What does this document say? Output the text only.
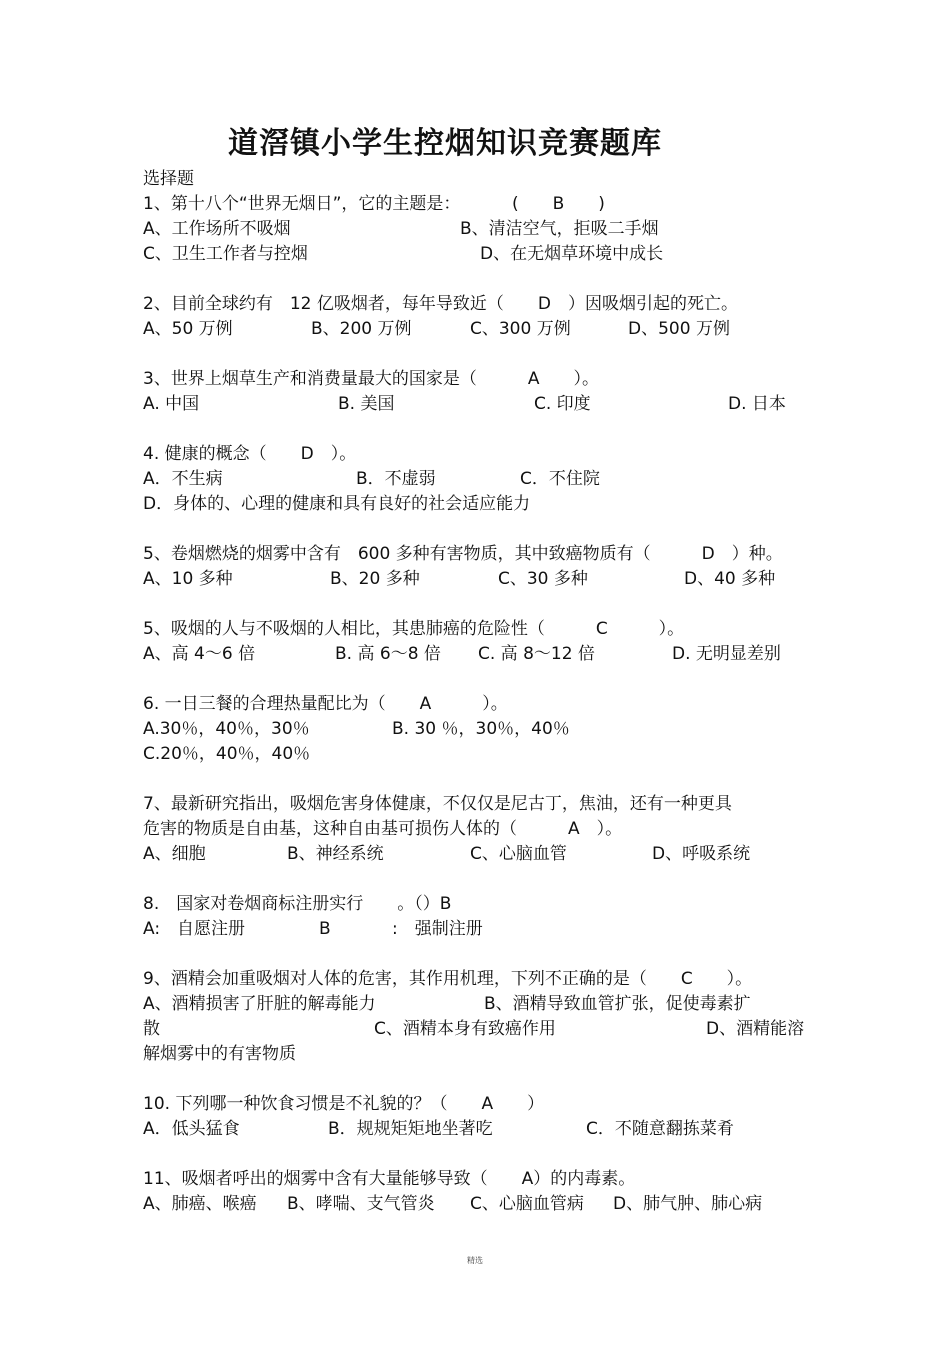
道滘镇小学生控烟知识竞赛题库
选择题
1、第十八个“世界无烟日”，它的主题是：	(　　B　　)
A、工作场所不吸烟	B、清洁空气，拒吸二手烟
C、卫生工作者与控烟	D、在无烟草环境中成长
2、目前全球约有　12 亿吸烟者，每年导致近（　　D　）因吸烟引起的死亡。
A、50 万例	B、200 万例	C、300 万例	D、500 万例
3、世界上烟草生产和消费量最大的国家是（　　　A　　）。
A. 中国	B. 美国	C. 印度	D. 日本
4. 健康的概念（　　D　）。
A．不生病	B．不虚弱	C．不住院
D．身体的、心理的健康和具有良好的社会适应能力
5、卷烟燃烧的烟雾中含有　600 多种有害物质，其中致癌物质有（　　　D　）种。
A、10 多种	B、20 多种	C、30 多种	D、40 多种
5、吸烟的人与不吸烟的人相比，其患肺癌的危险性（　　　C　　　）。
A、高 4～6 倍	B. 高 6～8 倍 C. 高 8～12 倍	D. 无明显差别
6. 一日三餐的合理热量配比为（　　A　　　）。
A.30％，40％，30％	B. 30 ％，30％，40％
C.20％，40％，40％
7、最新研究指出，吸烟危害身体健康，不仅仅是尼古丁，焦油，还有一种更具
危害的物质是自由基，这种自由基可损伤人体的（　　　A　）。
A、细胞	B、神经系统	C、心脑血管	D、呼吸系统
8.　国家对卷烟商标注册实行　　。（）B
A:　自愿注册	B	:　强制注册
9、酒精会加重吸烟对人体的危害，其作用机理，下列不正确的是（　　C　　）。
A、酒精损害了肝脏的解毒能力	B、酒精导致血管扩张，促使毒素扩
散	C、酒精本身有致癌作用	D、酒精能溶
解烟雾中的有害物质
10. 下列哪一种饮食习惯是不礼貌的？（　　A　　）
A．低头猛食	B．规规矩矩地坐著吃	C．不随意翻拣菜肴
11、吸烟者呼出的烟雾中含有大量能够导致（　　A）的内毒素。
A、肺癌、喉癌 B、哮喘、支气管炎 C、心脑血管病 D、肺气肿、肺心病
精选
